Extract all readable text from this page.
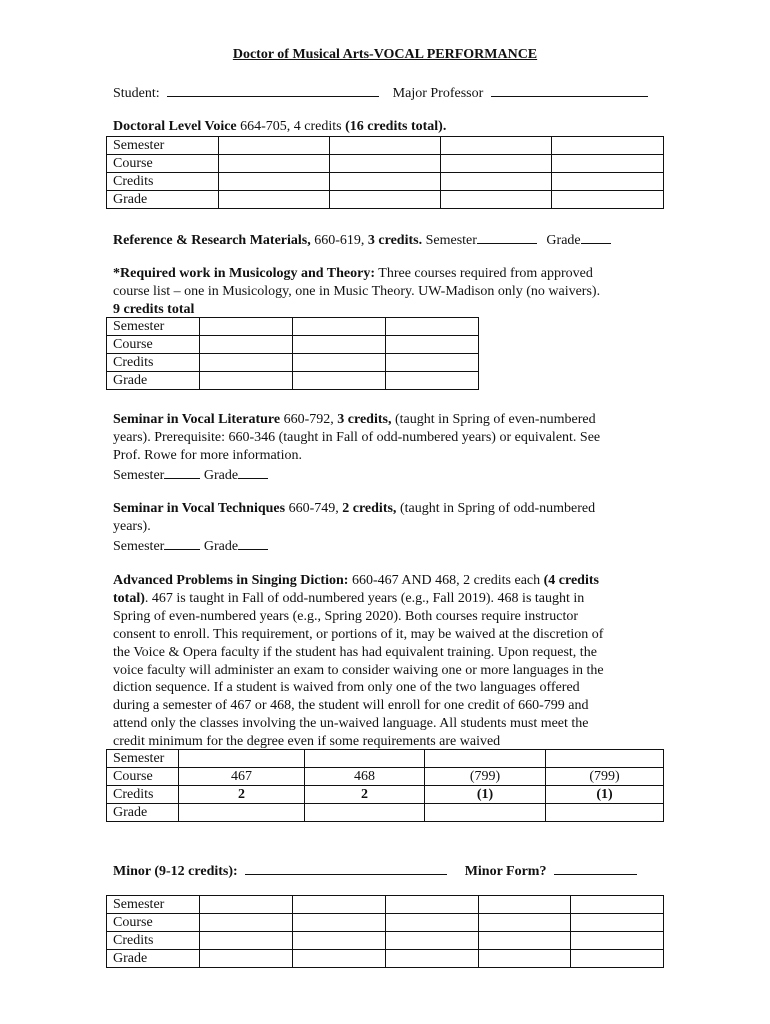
Doctor of Musical Arts-VOCAL PERFORMANCE
Student:	Major Professor
Doctoral Level Voice 664-705, 4 credits (16 credits total).
Semester				
Course				
Credits				
Grade				
Reference & Research Materials, 660-619, 3 credits. Semester	Grade
*Required work in Musicology and Theory: Three courses required from approved
course list – one in Musicology, one in Music Theory. UW-Madison only (no waivers).
9 credits total
Semester			
Course			
Credits			
Grade			
Seminar in Vocal Literature 660-792, 3 credits, (taught in Spring of even-numbered
years). Prerequisite: 660-346 (taught in Fall of odd-numbered years) or equivalent. See
Prof. Rowe for more information.
Semester	Grade
Seminar in Vocal Techniques 660-749, 2 credits, (taught in Spring of odd-numbered
years).
Semester	Grade
Advanced Problems in Singing Diction: 660-467 AND 468, 2 credits each (4 credits
total). 467 is taught in Fall of odd-numbered years (e.g., Fall 2019). 468 is taught in
Spring of even-numbered years (e.g., Spring 2020). Both courses require instructor
consent to enroll. This requirement, or portions of it, may be waived at the discretion of
the Voice & Opera faculty if the student has had equivalent training. Upon request, the
voice faculty will administer an exam to consider waiving one or more languages in the
diction sequence. If a student is waived from only one of the two languages offered
during a semester of 467 or 468, the student will enroll for one credit of 660-799 and
attend only the classes involving the un-waived language. All students must meet the
credit minimum for the degree even if some requirements are waived
Semester				
Course	467	468	(799)	(799)
Credits	2	2	(1)	(1)
Grade				
Minor (9-12 credits):	Minor Form?
Semester					
Course					
Credits					
Grade					
